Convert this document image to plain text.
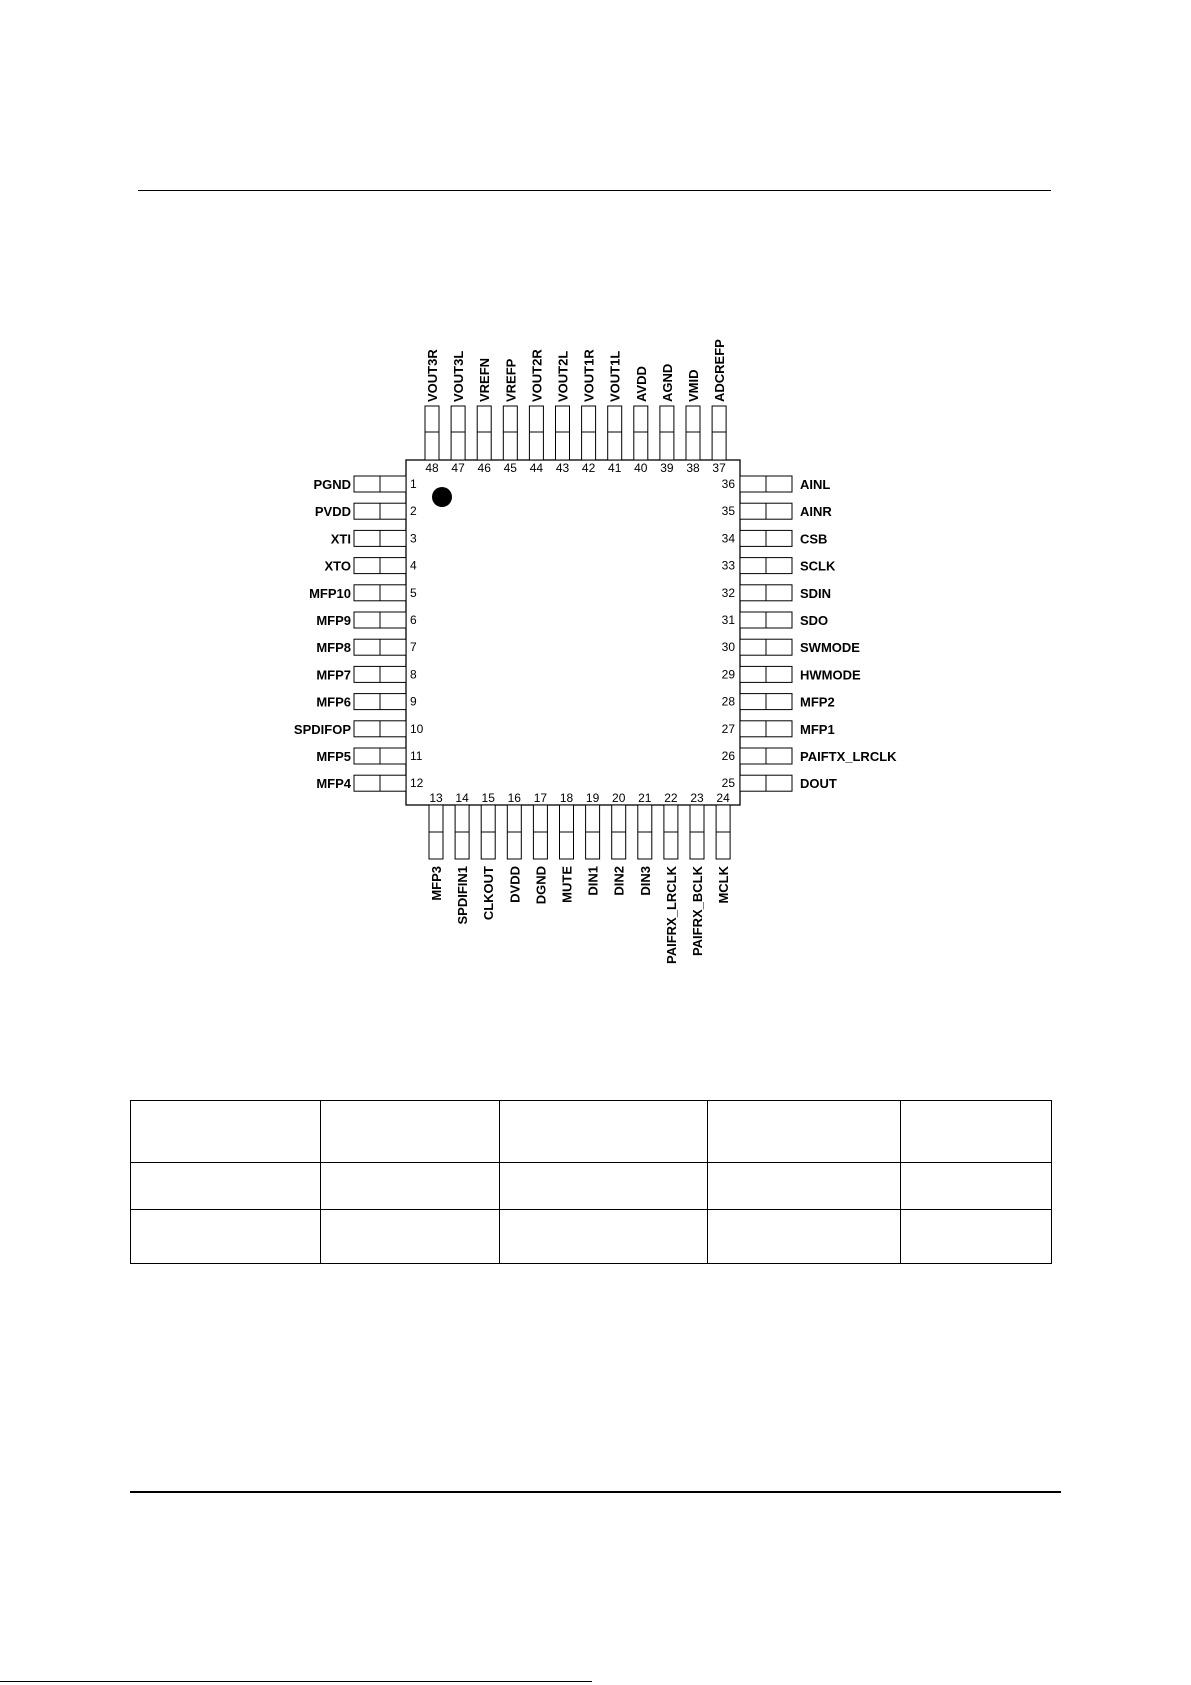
PGND	1
PVDD	2
XTI	3
XTO	4
MFP10	5
MFP9	6
MFP8	7
MFP7	8
MFP6	9
SPDIFOP	10
MFP5	11
MFP4	12
AINL
36
AINR
35
CSB
34
SCLK
33
SDIN
32
SDO
31
SWMODE
30
HWMODE
29
MFP2
28
MFP1
27
PAIFTX_LRCLK
26
DOUT
25
VOUT3R
48
VOUT3L
47
VREFN
46
VREFP
45
VOUT2R
44
VOUT2L
43
VOUT1R
42
VOUT1L
41
AVDD
40
AGND
39
VMID
38
ADCREFP
37
MFP3
13
SPDIFIN1
14
CLKOUT
15
DVDD
16
DGND
17
MUTE
18
DIN1
19
DIN2
20
DIN3
21
PAIFRX_LRCLK
22
PAIFRX_BCLK
23
MCLK
24
